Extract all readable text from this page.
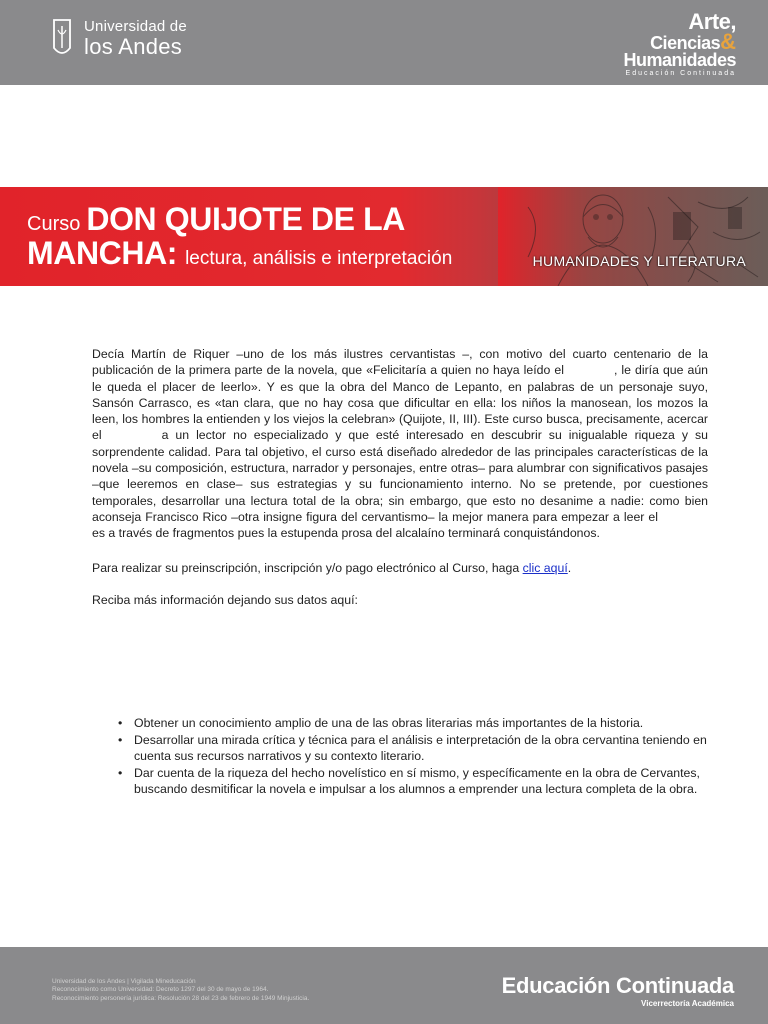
Universidad de
los Andes
Arte,
Ciencias&
Humanidades
Educación Continuada
Curso DON QUIJOTE DE LA
MANCHA: lectura, análisis e interpretación	HUMANIDADES Y LITERATURA

Decía Martín de Riquer –uno de los más ilustres cervantistas –, con motivo del cuarto centenario de la publicación de la primera parte de la novela, que «Felicitaría a quien no haya leído el	, le diría que aún le queda el placer de leerlo». Y es que la obra del Manco de Lepanto, en palabras de un personaje suyo, Sansón Carrasco, es «tan clara, que no hay cosa que dificultar en ella: los niños la manosean, los mozos la leen, los hombres la entienden y los viejos la celebran» (Quijote, II, III). Este curso busca, precisamente, acercar el	a un lector no especializado y que esté interesado en descubrir su inigualable riqueza y su sorprendente calidad. Para tal objetivo, el curso está diseñado alrededor de las principales características de la novela –su composición, estructura, narrador y personajes, entre otras– para alumbrar con significativos pasajes –que leeremos en clase– sus estrategias y su funcionamiento interno. No se pretende, por cuestiones temporales, desarrollar una lectura total de la obra; sin embargo, que esto no desanime a nadie: como bien aconseja Francisco Rico –otra insigne figura del cervantismo– la mejor manera para empezar a leer el  es a través de fragmentos pues la estupenda prosa del alcalaíno terminará conquistándonos.

Para realizar su preinscripción, inscripción y/o pago electrónico al Curso, haga clic aquí.

Reciba más información dejando sus datos aquí:

• Obtener un conocimiento amplio de una de las obras literarias más importantes de la historia.
• Desarrollar una mirada crítica y técnica para el análisis e interpretación de la obra cervantina teniendo en cuenta sus recursos narrativos y su contexto literario.
• Dar cuenta de la riqueza del hecho novelístico en sí mismo, y específicamente en la obra de Cervantes, buscando desmitificar la novela e impulsar a los alumnos a emprender una lectura completa de la obra.
Universidad de los Andes | Vigilada Mineducación
Reconocimiento como Universidad: Decreto 1297 del 30 de mayo de 1964.
Reconocimiento personería jurídica: Resolución 28 del 23 de febrero de 1949 Minjusticia.
Educación Continuada
Vicerrectoría Académica
